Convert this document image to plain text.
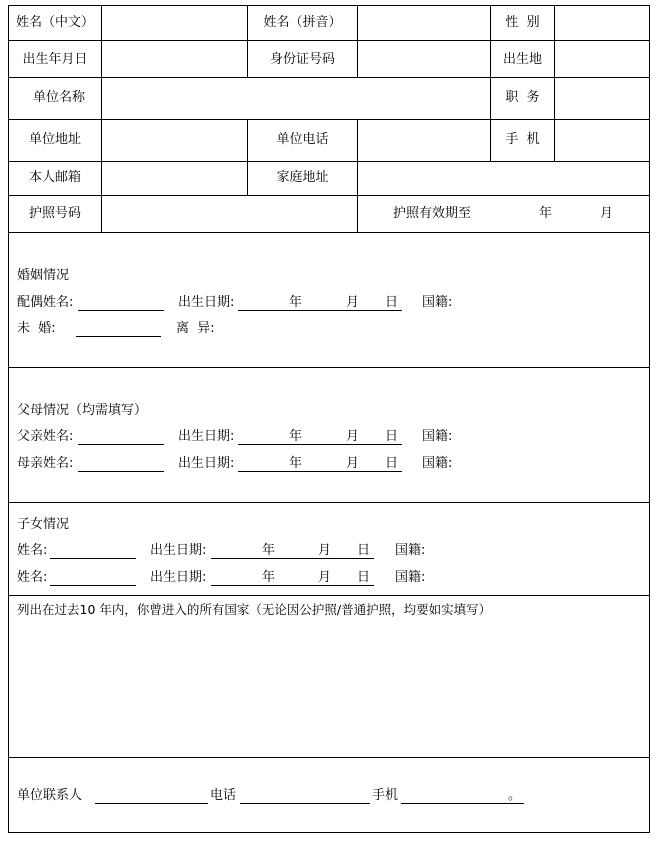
姓名（中文）	姓名（拼音）	性  别
出生年月日	身份证号码	出生地
单位名称	职  务
单位地址	单位电话	手  机
本人邮箱	家庭地址
护照号码	护照有效期至	年	月
婚姻情况
配偶姓名:	出生日期:	年	月 日 国籍:
未  婚:	离  异:
父母情况（均需填写）
父亲姓名:	出生日期:	年	月 日 国籍:
母亲姓名:	出生日期:	年	月 日 国籍:
子女情况
姓名:	出生日期:	年	月 日 国籍:
姓名:	出生日期:	年	月 日 国籍:
列出在过去10 年内，你曾进入的所有国家（无论因公护照/普通护照，均要如实填写）
单位联系人	电话	手机	。
